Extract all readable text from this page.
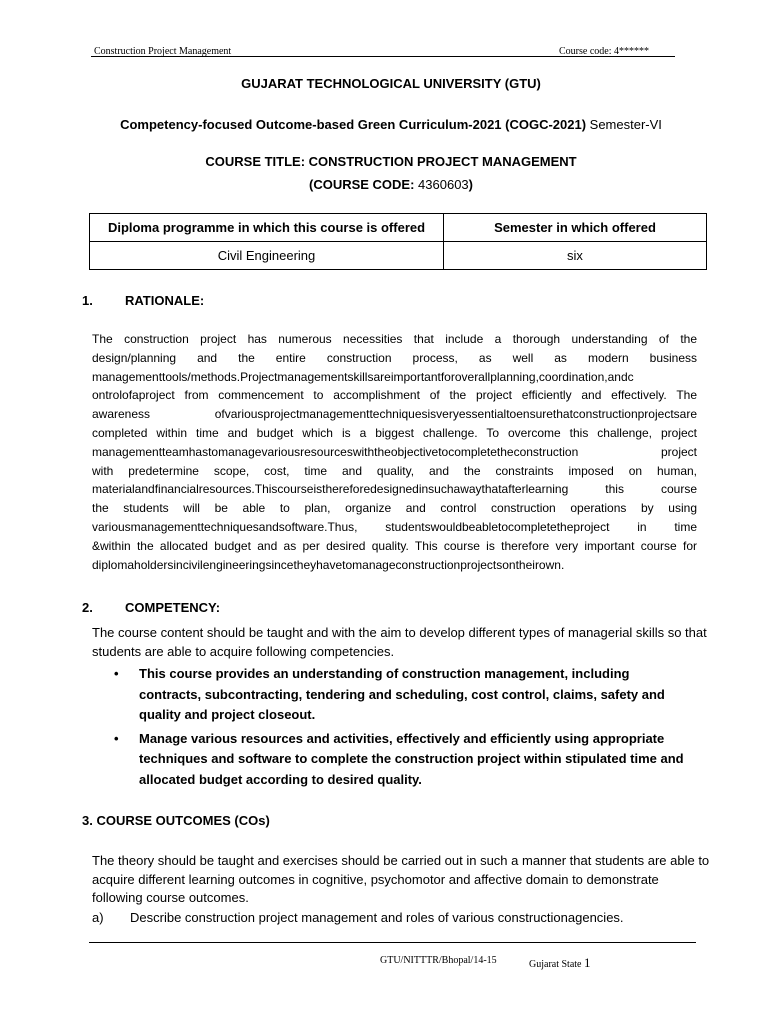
Construction Project Management	Course code: 4******
GUJARAT TECHNOLOGICAL UNIVERSITY (GTU)
Competency-focused Outcome-based Green Curriculum-2021 (COGC-2021) Semester-VI
COURSE TITLE: CONSTRUCTION PROJECT MANAGEMENT
(COURSE CODE: 4360603)
Diploma programme in which this course is offered	Semester in which offered
Civil Engineering	six
1. RATIONALE:
The construction project has numerous necessities that include a thorough understanding of the
design/planning and the entire construction process, as well as modern business
managementtools/methods.Projectmanagementskillsareimportantforoverallplanning,coordination,andc
ontrolofaproject from commencement to accomplishment of the project efficiently and effectively. The
awareness ofvariousprojectmanagementtechniquesisveryessentialtoensurethatconstructionprojectsare
completed within time and budget which is a biggest challenge. To overcome this challenge, project
managementteamhastomanagevariousresourceswiththeobjectivetocompletetheconstruction project
with predetermine scope, cost, time and quality, and the constraints imposed on human,
materialandfinancialresources.Thiscourseisthereforedesignedinsuchawaythatafterlearning this course
the students will be able to plan, organize and control construction operations by using
variousmanagementtechniquesandsoftware.Thus, studentswouldbeabletocompletetheproject in time
&within the allocated budget and as per desired quality. This course is therefore very important course for
diplomaholdersincivilengineeringsincetheyhavetomanageconstructionprojectsontheirown.
2. COMPETENCY:
The course content should be taught and with the aim to develop different types of managerial skills so that students are able to acquire following competencies.
• This course provides an understanding of construction management, including contracts, subcontracting, tendering and scheduling, cost control, claims, safety and quality and project closeout.
• Manage various resources and activities, effectively and efficiently using appropriate techniques and software to complete the construction project within stipulated time and allocated budget according to desired quality.
3. COURSE OUTCOMES (COs)
The theory should be taught and exercises should be carried out in such a manner that students are able to acquire different learning outcomes in cognitive, psychomotor and affective domain to demonstrate following course outcomes.
a) Describe construction project management and roles of various constructionagencies.
GTU/NITTTR/Bhopal/14-15	Gujarat State 1
